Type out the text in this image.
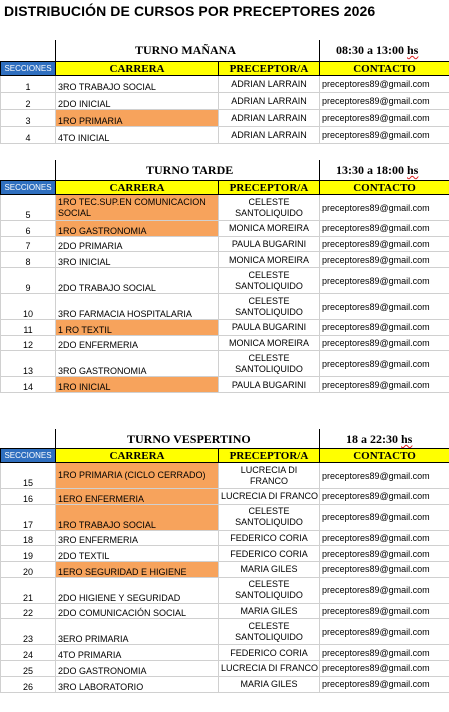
DISTRIBUCIÓN DE CURSOS POR PRECEPTORES 2026
TURNO MAÑANA	08:30 a 13:00 hs
SECCIONES	CARRERA	PRECEPTOR/A	CONTACTO
1	3RO TRABAJO SOCIAL	ADRIAN LARRAIN	preceptores89@gmail.com
2	2DO INICIAL	ADRIAN LARRAIN	preceptores89@gmail.com
3	1RO PRIMARIA	ADRIAN LARRAIN	preceptores89@gmail.com
4	4TO INICIAL	ADRIAN LARRAIN	preceptores89@gmail.com
TURNO TARDE	13:30 a 18:00 hs
SECCIONES	CARRERA	PRECEPTOR/A	CONTACTO
5	1RO TEC.SUP.EN COMUNICACION SOCIAL	CELESTE SANTOLIQUIDO	preceptores89@gmail.com
6	1RO GASTRONOMIA	MONICA MOREIRA	preceptores89@gmail.com
7	2DO PRIMARIA	PAULA BUGARINI	preceptores89@gmail.com
8	3RO INICIAL	MONICA MOREIRA	preceptores89@gmail.com
9	2DO TRABAJO SOCIAL	CELESTE SANTOLIQUIDO	preceptores89@gmail.com
10	3RO FARMACIA HOSPITALARIA	CELESTE SANTOLIQUIDO	preceptores89@gmail.com
11	1 RO TEXTIL	PAULA BUGARINI	preceptores89@gmail.com
12	2DO ENFERMERIA	MONICA MOREIRA	preceptores89@gmail.com
13	3RO GASTRONOMIA	CELESTE SANTOLIQUIDO	preceptores89@gmail.com
14	1RO INICIAL	PAULA BUGARINI	preceptores89@gmail.com
TURNO VESPERTINO	18 a 22:30 hs
SECCIONES	CARRERA	PRECEPTOR/A	CONTACTO
15	1RO PRIMARIA (CICLO CERRADO)	LUCRECIA DI FRANCO	preceptores89@gmail.com
16	1ERO ENFERMERIA	LUCRECIA DI FRANCO	preceptores89@gmail.com
17	1RO TRABAJO SOCIAL	CELESTE SANTOLIQUIDO	preceptores89@gmail.com
18	3RO ENFERMERIA	FEDERICO CORIA	preceptores89@gmail.com
19	2DO TEXTIL	FEDERICO CORIA	preceptores89@gmail.com
20	1ERO SEGURIDAD E HIGIENE	MARIA GILES	preceptores89@gmail.com
21	2DO HIGIENE Y SEGURIDAD	CELESTE SANTOLIQUIDO	preceptores89@gmail.com
22	2DO COMUNICACIÓN SOCIAL	MARIA GILES	preceptores89@gmail.com
23	3ERO PRIMARIA	CELESTE SANTOLIQUIDO	preceptores89@gmail.com
24	4TO PRIMARIA	FEDERICO CORIA	preceptores89@gmail.com
25	2DO GASTRONOMIA	LUCRECIA DI FRANCO	preceptores89@gmail.com
26	3RO LABORATORIO	MARIA GILES	preceptores89@gmail.com
